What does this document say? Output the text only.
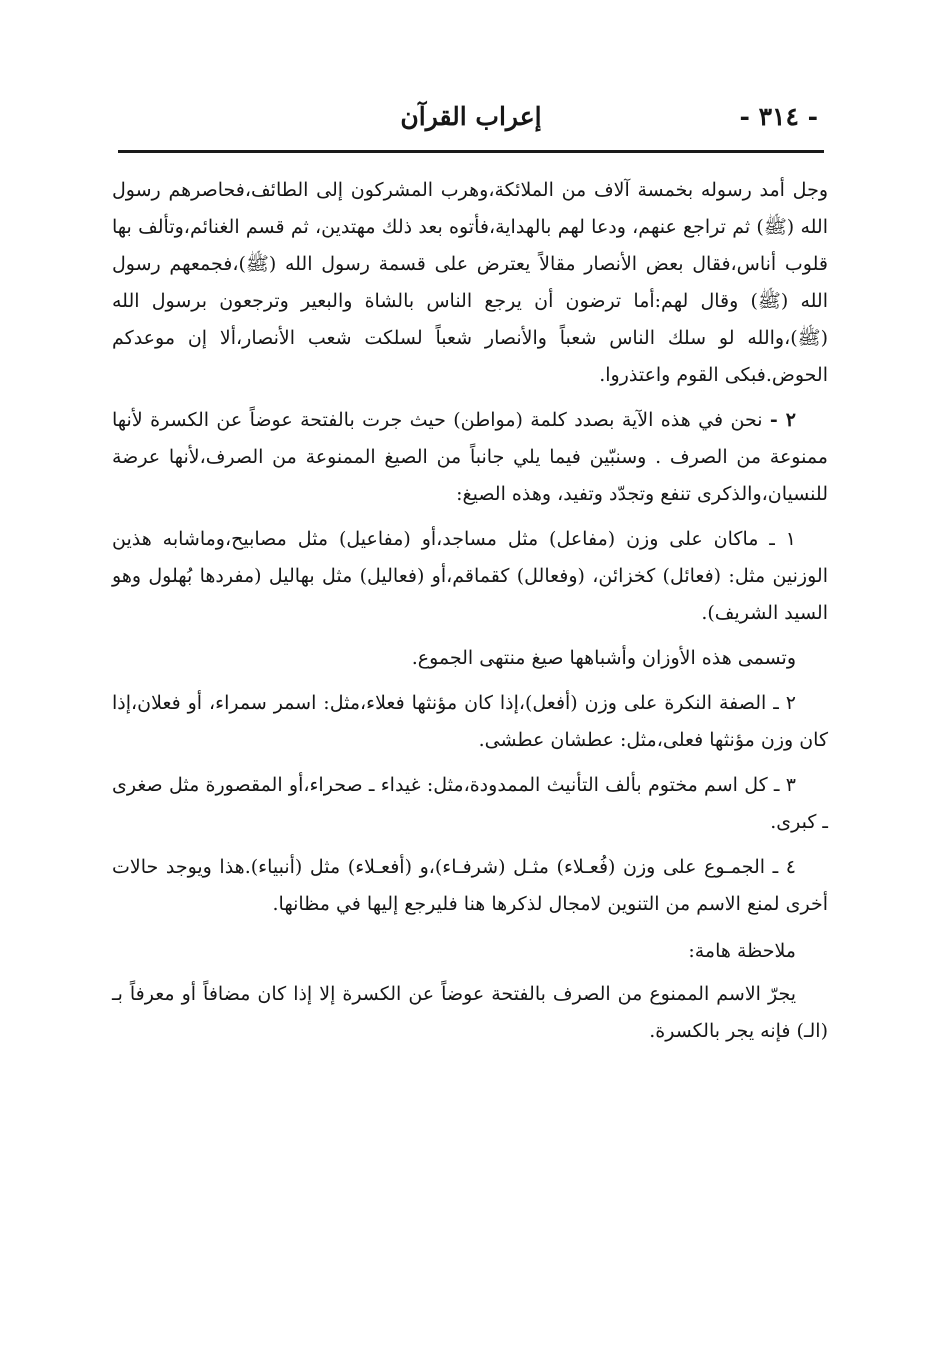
- ٣١٤ -
إعراب القرآن

وجل أمد رسوله بخمسة آلاف من الملائكة،وهرب المشركون إلى الطائف،فحاصرهم رسول الله (ﷺ) ثم تراجع عنهم، ودعا لهم بالهداية،فأتوه بعد ذلك مهتدين، ثم قسم الغنائم،وتألف بها قلوب أناس،فقال بعض الأنصار مقالاً يعترض على قسمة رسول الله (ﷺ)،فجمعهم رسول الله (ﷺ) وقال لهم:أما ترضون أن يرجع الناس بالشاة والبعير وترجعون برسول الله (ﷺ)،والله لو سلك الناس شعباً والأنصار شعباً لسلكت شعب الأنصار،ألا إن موعدكم الحوض.فبكى القوم واعتذروا.

٢ - نحن في هذه الآية بصدد كلمة (مواطن) حيث جرت بالفتحة عوضاً عن الكسرة لأنها ممنوعة من الصرف . وسنبّين فيما يلي جانباً من الصيغ الممنوعة من الصرف،لأنها عرضة للنسيان،والذكرى تنفع وتجدّد وتفيد، وهذه الصيغ:

١ ـ ماكان على وزن (مفاعل) مثل مساجد،أو (مفاعيل) مثل مصابيح،وماشابه هذين الوزنين مثل: (فعائل) كخزائن، (وفعالل) كقماقم،أو (فعاليل) مثل بهاليل (مفردها بُهلول وهو السيد الشريف).

وتسمى هذه الأوزان وأشباهها صيغ منتهى الجموع.

٢ ـ الصفة النكرة على وزن (أفعل)،إذا كان مؤنثها فعلاء،مثل: اسمر سمراء، أو فعلان،إذا كان وزن مؤنثها فعلى،مثل: عطشان عطشى.

٣ ـ كل اسم مختوم بألف التأنيث الممدودة،مثل: غيداء ـ صحراء،أو المقصورة مثل صغرى ـ كبرى.

٤ ـ الجمـوع على وزن (فُعـلاء) مثـل (شرفـاء)،و (أفعـلاء) مثل (أنبياء).هذا ويوجد حالات أخرى لمنع الاسم من التنوين لامجال لذكرها هنا فليرجع إليها في مظانها.

ملاحظة هامة:

يجرّ الاسم الممنوع من الصرف بالفتحة عوضاً عن الكسرة إلا إذا كان مضافاً أو معرفاً بـ (الـ) فإنه يجر بالكسرة.
